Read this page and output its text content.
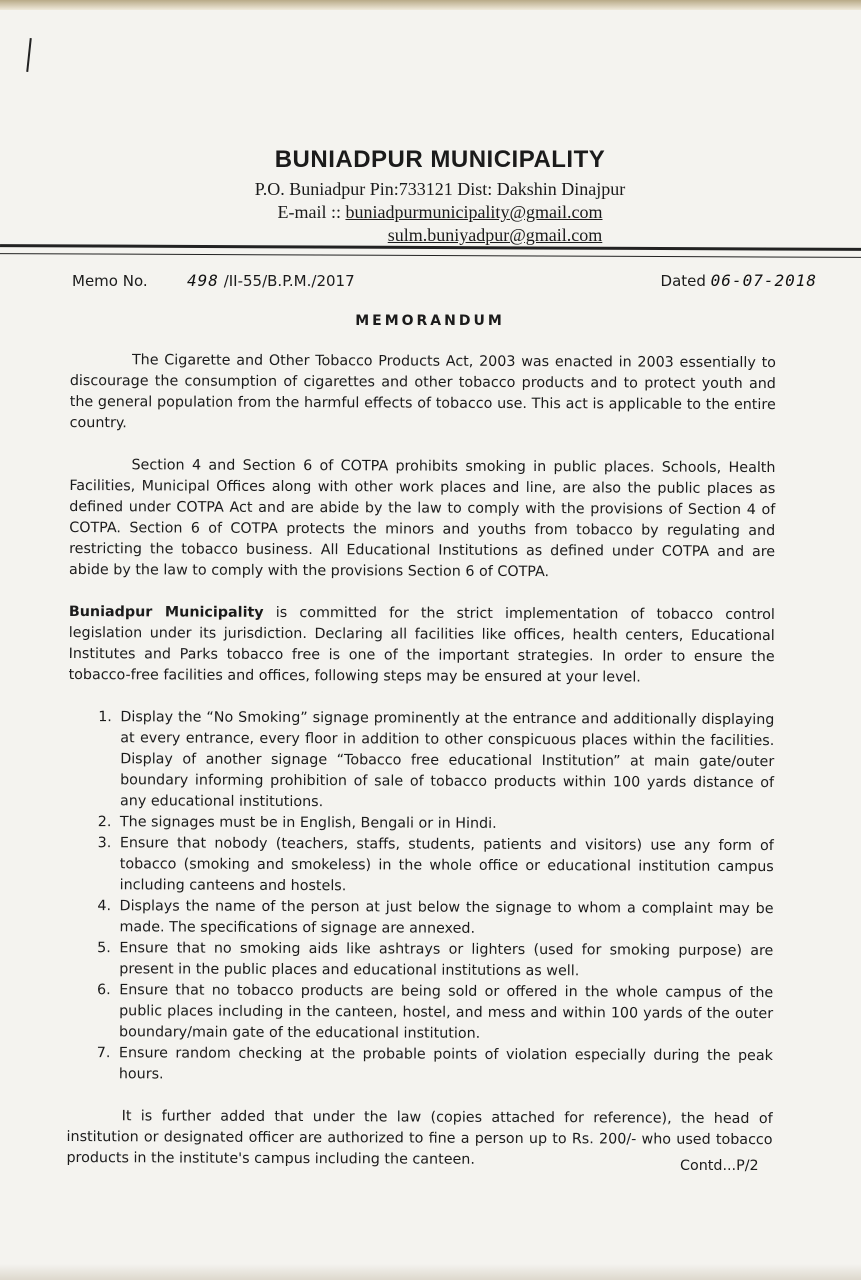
BUNIADPUR MUNICIPALITY

P.O. Buniadpur Pin:733121 Dist: Dakshin Dinajpur

E-mail :: buniadpurmunicipality@gmail.com
sulm.buniyadpur@gmail.com

Memo No. 498 /II-55/B.P.M./2017	Dated 06-07-2018
MEMORANDUM

The Cigarette and Other Tobacco Products Act, 2003 was enacted in 2003 essentially to discourage the consumption of cigarettes and other tobacco products and to protect youth and the general population from the harmful effects of tobacco use. This act is applicable to the entire country.

Section 4 and Section 6 of COTPA prohibits smoking in public places. Schools, Health Facilities, Municipal Offices along with other work places and line, are also the public places as defined under COTPA Act and are abide by the law to comply with the provisions of Section 4 of COTPA. Section 6 of COTPA protects the minors and youths from tobacco by regulating and restricting the tobacco business. All Educational Institutions as defined under COTPA and are abide by the law to comply with the provisions Section 6 of COTPA.

Buniadpur Municipality is committed for the strict implementation of tobacco control legislation under its jurisdiction. Declaring all facilities like offices, health centers, Educational Institutes and Parks tobacco free is one of the important strategies. In order to ensure the tobacco-free facilities and offices, following steps may be ensured at your level.

1. Display the “No Smoking” signage prominently at the entrance and additionally displaying at every entrance, every floor in addition to other conspicuous places within the facilities. Display of another signage “Tobacco free educational Institution” at main gate/outer boundary informing prohibition of sale of tobacco products within 100 yards distance of any educational institutions.
2. The signages must be in English, Bengali or in Hindi.
3. Ensure that nobody (teachers, staffs, students, patients and visitors) use any form of tobacco (smoking and smokeless) in the whole office or educational institution campus including canteens and hostels.
4. Displays the name of the person at just below the signage to whom a complaint may be made. The specifications of signage are annexed.
5. Ensure that no smoking aids like ashtrays or lighters (used for smoking purpose) are present in the public places and educational institutions as well.
6. Ensure that no tobacco products are being sold or offered in the whole campus of the public places including in the canteen, hostel, and mess and within 100 yards of the outer boundary/main gate of the educational institution.
7. Ensure random checking at the probable points of violation especially during the peak hours.

It is further added that under the law (copies attached for reference), the head of institution or designated officer are authorized to fine a person up to Rs. 200/- who used tobacco products in the institute's campus including the canteen.	Contd...P/2
